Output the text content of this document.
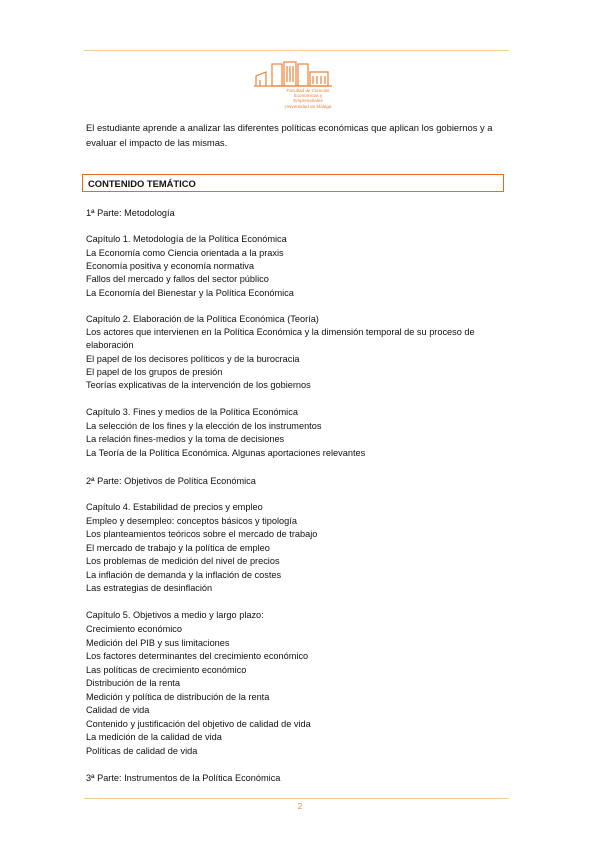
Facultad de Ciencias
Económicas y Empresariales
Universidad de Málaga
El estudiante aprende a analizar las diferentes políticas económicas que aplican los gobiernos y a evaluar el impacto de las mismas.
CONTENIDO TEMÁTICO
1ª Parte: Metodología
Capítulo 1. Metodología de la Política Económica
La Economía como Ciencia orientada a la praxis
Economía positiva y economía normativa
Fallos del mercado y fallos del sector público
La Economía del Bienestar y la Política Económica
Capítulo 2. Elaboración de la Política Económica (Teoría)
Los actores que intervienen en la Política Económica y la dimensión temporal de su proceso de
elaboración
El papel de los decisores políticos y de la burocracia
El papel de los grupos de presión
Teorías explicativas de la intervención de los gobiernos
Capítulo 3. Fines y medios de la Política Económica
La selección de los fines y la elección de los instrumentos
La relación fines-medios y la toma de decisiones
La Teoría de la Política Económica. Algunas aportaciones relevantes
2ª Parte: Objetivos de Política Económica
Capítulo 4. Estabilidad de precios y empleo
Empleo y desempleo: conceptos básicos y tipología
Los planteamientos teóricos sobre el mercado de trabajo
El mercado de trabajo y la política de empleo
Los problemas de medición del nivel de precios
La inflación de demanda y la inflación de costes
Las estrategias de desinflación
Capítulo 5. Objetivos a medio y largo plazo:
Crecimiento económico
Medición del PIB y sus limitaciones
Los factores determinantes del crecimiento económico
Las políticas de crecimiento económico
Distribución de la renta
Medición y política de distribución de la renta
Calidad de vida
Contenido y justificación del objetivo de calidad de vida
La medición de la calidad de vida
Políticas de calidad de vida
3ª Parte: Instrumentos de la Política Económica
2
